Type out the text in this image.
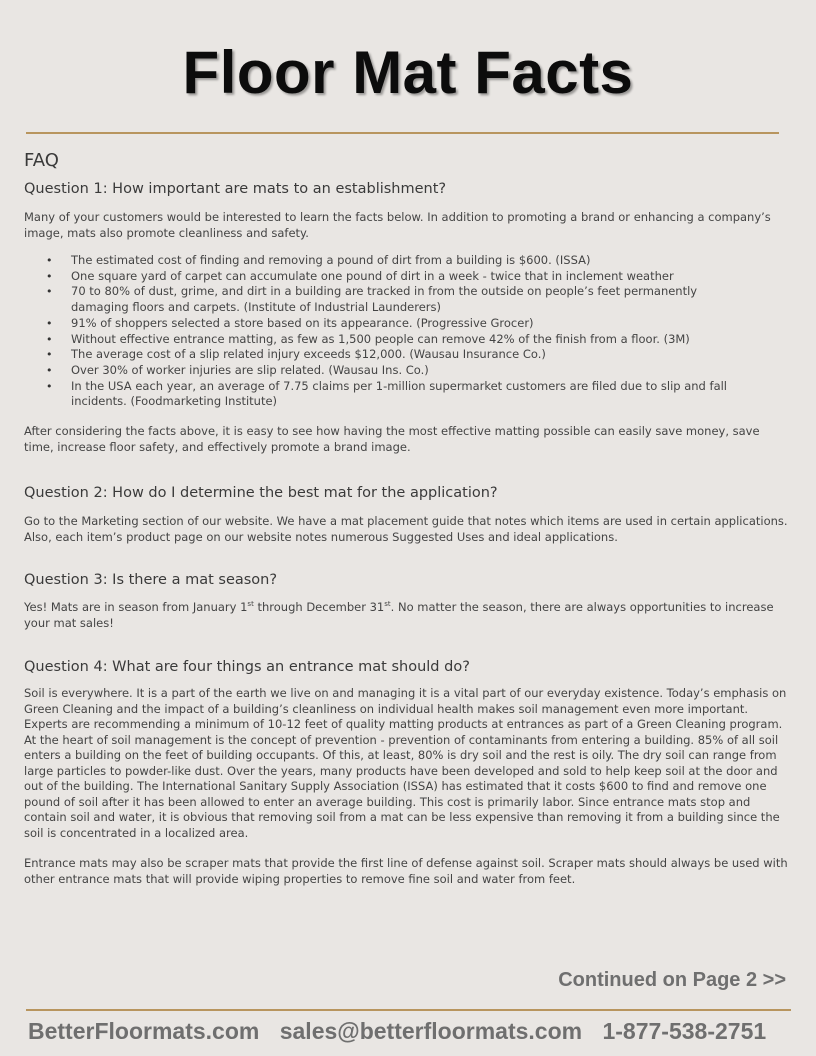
Floor Mat Facts
FAQ
Question 1: How important are mats to an establishment?

Many of your customers would be interested to learn the facts below. In addition to promoting a brand or enhancing a company’s image, mats also promote cleanliness and safety.

• The estimated cost of finding and removing a pound of dirt from a building is $600. (ISSA)
• One square yard of carpet can accumulate one pound of dirt in a week - twice that in inclement weather
• 70 to 80% of dust, grime, and dirt in a building are tracked in from the outside on people’s feet permanently damaging floors and carpets. (Institute of Industrial Launderers)
• 91% of shoppers selected a store based on its appearance. (Progressive Grocer)
• Without effective entrance matting, as few as 1,500 people can remove 42% of the finish from a floor. (3M)
• The average cost of a slip related injury exceeds $12,000. (Wausau Insurance Co.)
• Over 30% of worker injuries are slip related. (Wausau Ins. Co.)
• In the USA each year, an average of 7.75 claims per 1-million supermarket customers are filed due to slip and fall incidents. (Foodmarketing Institute)

After considering the facts above, it is easy to see how having the most effective matting possible can easily save money, save time, increase floor safety, and effectively promote a brand image.

Question 2: How do I determine the best mat for the application?

Go to the Marketing section of our website. We have a mat placement guide that notes which items are used in certain applications. Also, each item’s product page on our website notes numerous Suggested Uses and ideal applications.

Question 3: Is there a mat season?

Yes! Mats are in season from January 1st through December 31st. No matter the season, there are always opportunities to increase your mat sales!

Question 4: What are four things an entrance mat should do?

Soil is everywhere. It is a part of the earth we live on and managing it is a vital part of our everyday existence. Today’s emphasis on Green Cleaning and the impact of a building’s cleanliness on individual health makes soil management even more important. Experts are recommending a minimum of 10-12 feet of quality matting products at entrances as part of a Green Cleaning program. At the heart of soil management is the concept of prevention - prevention of contaminants from entering a building. 85% of all soil enters a building on the feet of building occupants. Of this, at least, 80% is dry soil and the rest is oily. The dry soil can range from large particles to powder-like dust. Over the years, many products have been developed and sold to help keep soil at the door and out of the building. The International Sanitary Supply Association (ISSA) has estimated that it costs $600 to find and remove one pound of soil after it has been allowed to enter an average building. This cost is primarily labor. Since entrance mats stop and contain soil and water, it is obvious that removing soil from a mat can be less expensive than removing it from a building since the soil is concentrated in a localized area.

Entrance mats may also be scraper mats that provide the first line of defense against soil. Scraper mats should always be used with other entrance mats that will provide wiping properties to remove fine soil and water from feet.

Continued on Page 2 >>
BetterFloormats.com sales@betterfloormats.com 1-877-538-2751
